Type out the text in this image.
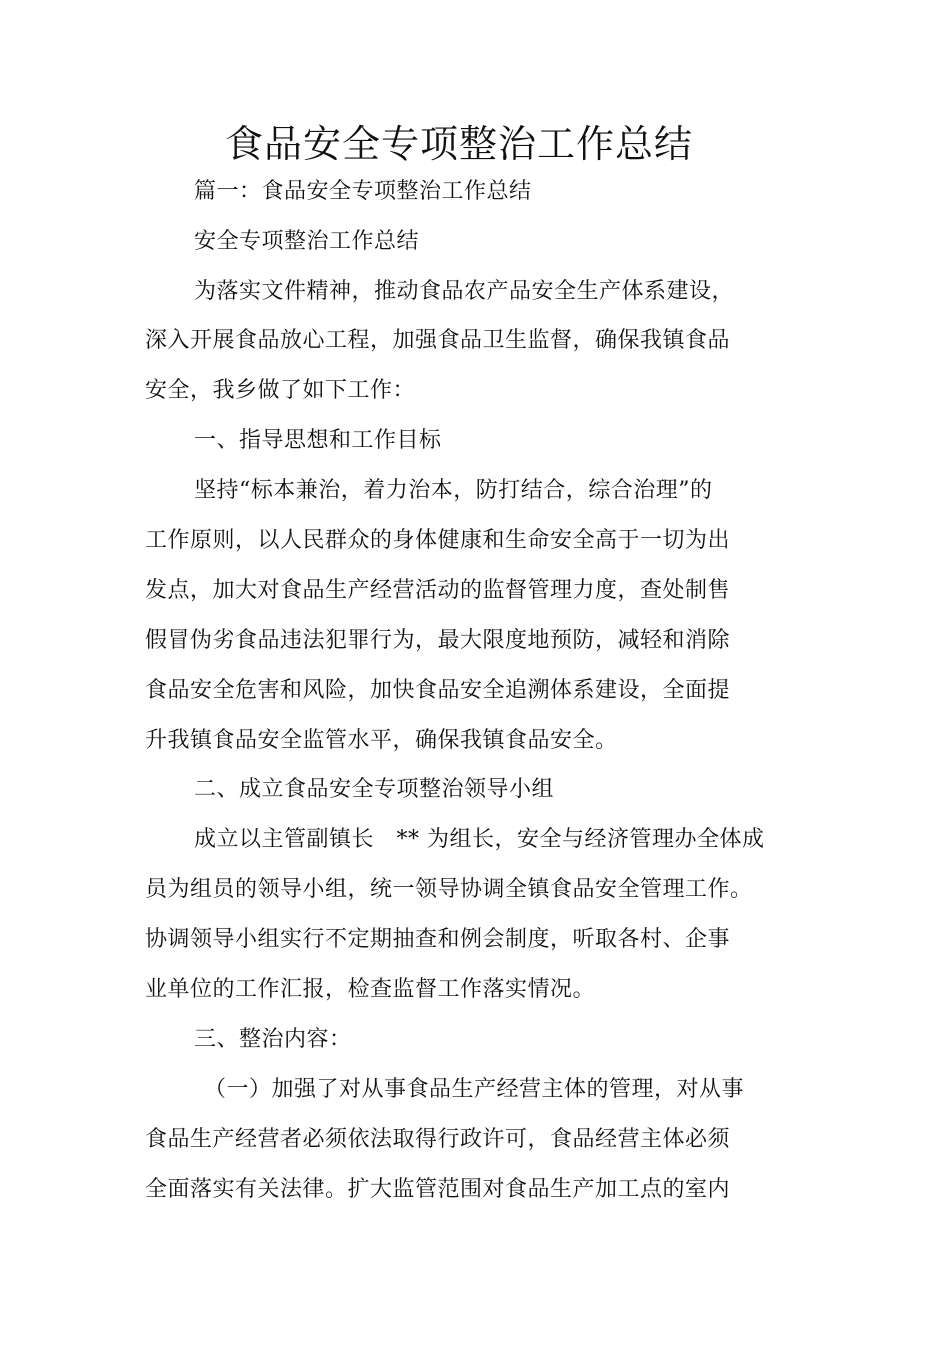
食品安全专项整治工作总结
篇一：食品安全专项整治工作总结
安全专项整治工作总结
为落实文件精神，推动食品农产品安全生产体系建设，
深入开展食品放心工程，加强食品卫生监督，确保我镇食品
安全，我乡做了如下工作：
一、指导思想和工作目标
坚持“标本兼治，着力治本，防打结合，综合治理”的
工作原则，以人民群众的身体健康和生命安全高于一切为出
发点，加大对食品生产经营活动的监督管理力度，查处制售
假冒伪劣食品违法犯罪行为，最大限度地预防，减轻和消除
食品安全危害和风险，加快食品安全追溯体系建设，全面提
升我镇食品安全监管水平，确保我镇食品安全。
二、成立食品安全专项整治领导小组
成立以主管副镇长　** 为组长，安全与经济管理办全体成
员为组员的领导小组，统一领导协调全镇食品安全管理工作。
协调领导小组实行不定期抽查和例会制度，听取各村、企事
业单位的工作汇报，检查监督工作落实情况。
三、整治内容：
（一）加强了对从事食品生产经营主体的管理，对从事
食品生产经营者必须依法取得行政许可，食品经营主体必须
全面落实有关法律。扩大监管范围对食品生产加工点的室内
